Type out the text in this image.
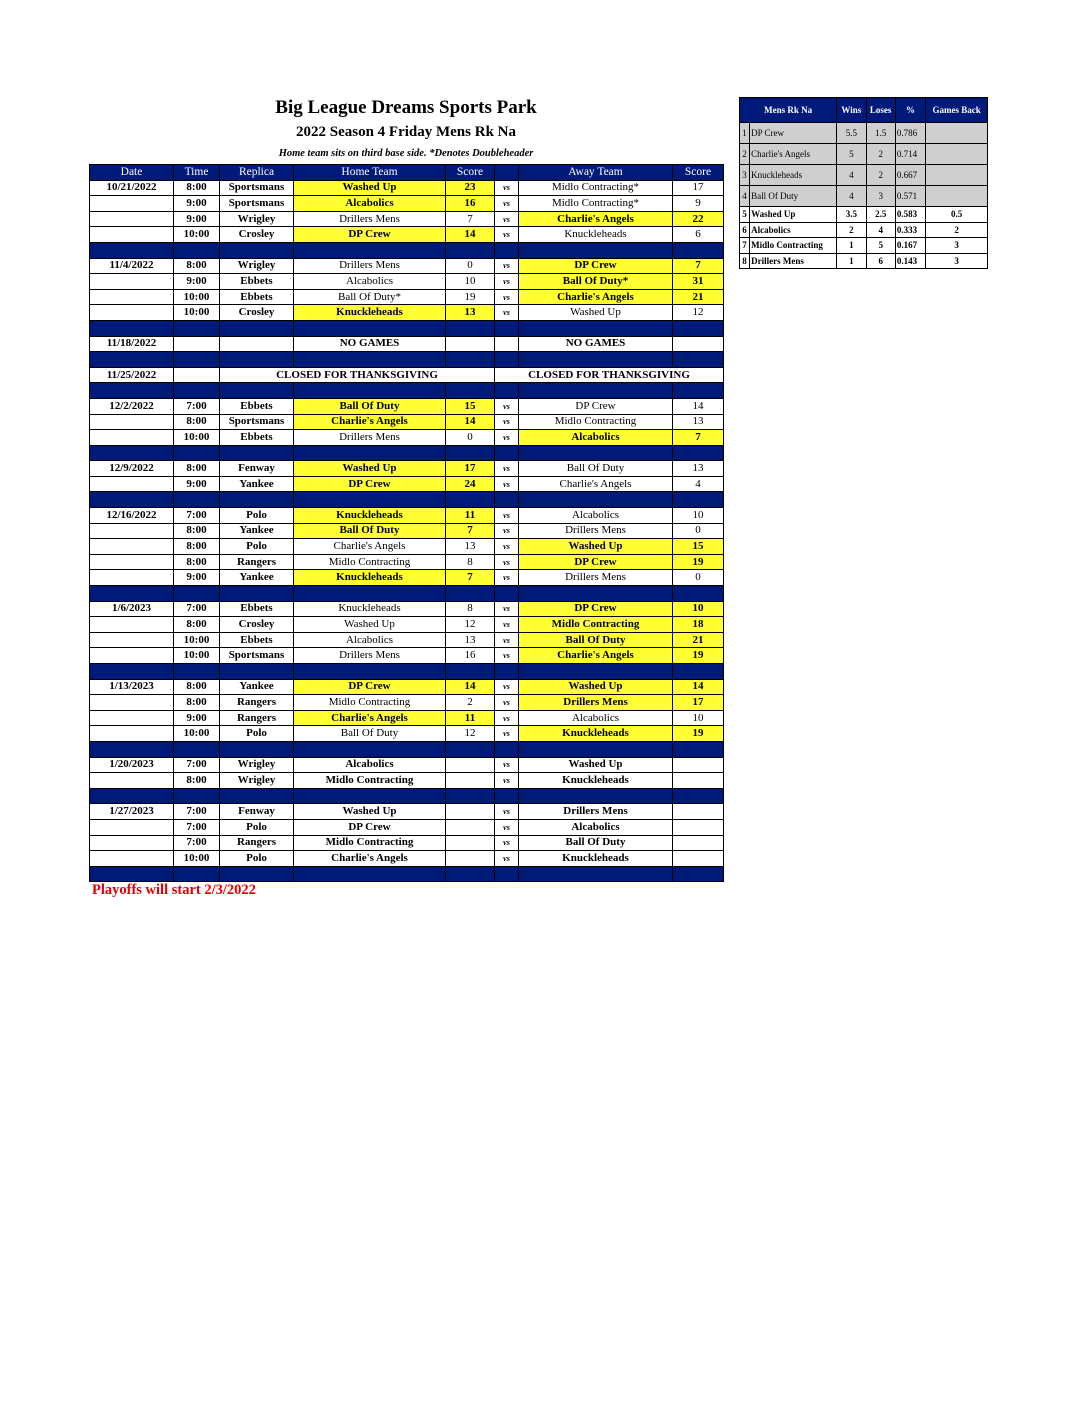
Big League Dreams Sports Park
2022 Season 4 Friday Mens Rk Na
Home team sits on third base side. *Denotes Doubleheader
Date	Time	Replica	Home Team	Score		Away Team	Score
10/21/2022	8:00	Sportsmans	Washed Up	23	vs	Midlo Contracting*	17
	9:00	Sportsmans	Alcabolics	16	vs	Midlo Contracting*	9
	9:00	Wrigley	Drillers Mens	7	vs	Charlie's Angels	22
	10:00	Crosley	DP Crew	14	vs	Knuckleheads	6

11/4/2022	8:00	Wrigley	Drillers Mens	0	vs	DP Crew	7
	9:00	Ebbets	Alcabolics	10	vs	Ball Of Duty*	31
	10:00	Ebbets	Ball Of Duty*	19	vs	Charlie's Angels	21
	10:00	Crosley	Knuckleheads	13	vs	Washed Up	12

11/18/2022			NO GAMES			NO GAMES	

11/25/2022		CLOSED FOR THANKSGIVING			CLOSED FOR THANKSGIVING		

12/2/2022	7:00	Ebbets	Ball Of Duty	15	vs	DP Crew	14
	8:00	Sportsmans	Charlie's Angels	14	vs	Midlo Contracting	13
	10:00	Ebbets	Drillers Mens	0	vs	Alcabolics	7

12/9/2022	8:00	Fenway	Washed Up	17	vs	Ball Of Duty	13
	9:00	Yankee	DP Crew	24	vs	Charlie's Angels	4

12/16/2022	7:00	Polo	Knuckleheads	11	vs	Alcabolics	10
	8:00	Yankee	Ball Of Duty	7	vs	Drillers Mens	0
	8:00	Polo	Charlie's Angels	13	vs	Washed Up	15
	8:00	Rangers	Midlo Contracting	8	vs	DP Crew	19
	9:00	Yankee	Knuckleheads	7	vs	Drillers Mens	0

1/6/2023	7:00	Ebbets	Knuckleheads	8	vs	DP Crew	10
	8:00	Crosley	Washed Up	12	vs	Midlo Contracting	18
	10:00	Ebbets	Alcabolics	13	vs	Ball Of Duty	21
	10:00	Sportsmans	Drillers Mens	16	vs	Charlie's Angels	19

1/13/2023	8:00	Yankee	DP Crew	14	vs	Washed Up	14
	8:00	Rangers	Midlo Contracting	2	vs	Drillers Mens	17
	9:00	Rangers	Charlie's Angels	11	vs	Alcabolics	10
	10:00	Polo	Ball Of Duty	12	vs	Knuckleheads	19

1/20/2023	7:00	Wrigley	Alcabolics		vs	Washed Up	
	8:00	Wrigley	Midlo Contracting		vs	Knuckleheads	

1/27/2023	7:00	Fenway	Washed Up		vs	Drillers Mens	
	7:00	Polo	DP Crew		vs	Alcabolics	
	7:00	Rangers	Midlo Contracting		vs	Ball Of Duty	
	10:00	Polo	Charlie's Angels		vs	Knuckleheads	

Mens Rk Na		Wins	Loses	%	Games Back
1	DP Crew	5.5	1.5	0.786	
2	Charlie's Angels	5	2	0.714	
3	Knuckleheads	4	2	0.667	
4	Ball Of Duty	4	3	0.571	
5	Washed Up	3.5	2.5	0.583	0.5
6	Alcabolics	2	4	0.333	2
7	Midlo Contracting	1	5	0.167	3
8	Drillers Mens	1	6	0.143	3
Playoffs will start 2/3/2022
